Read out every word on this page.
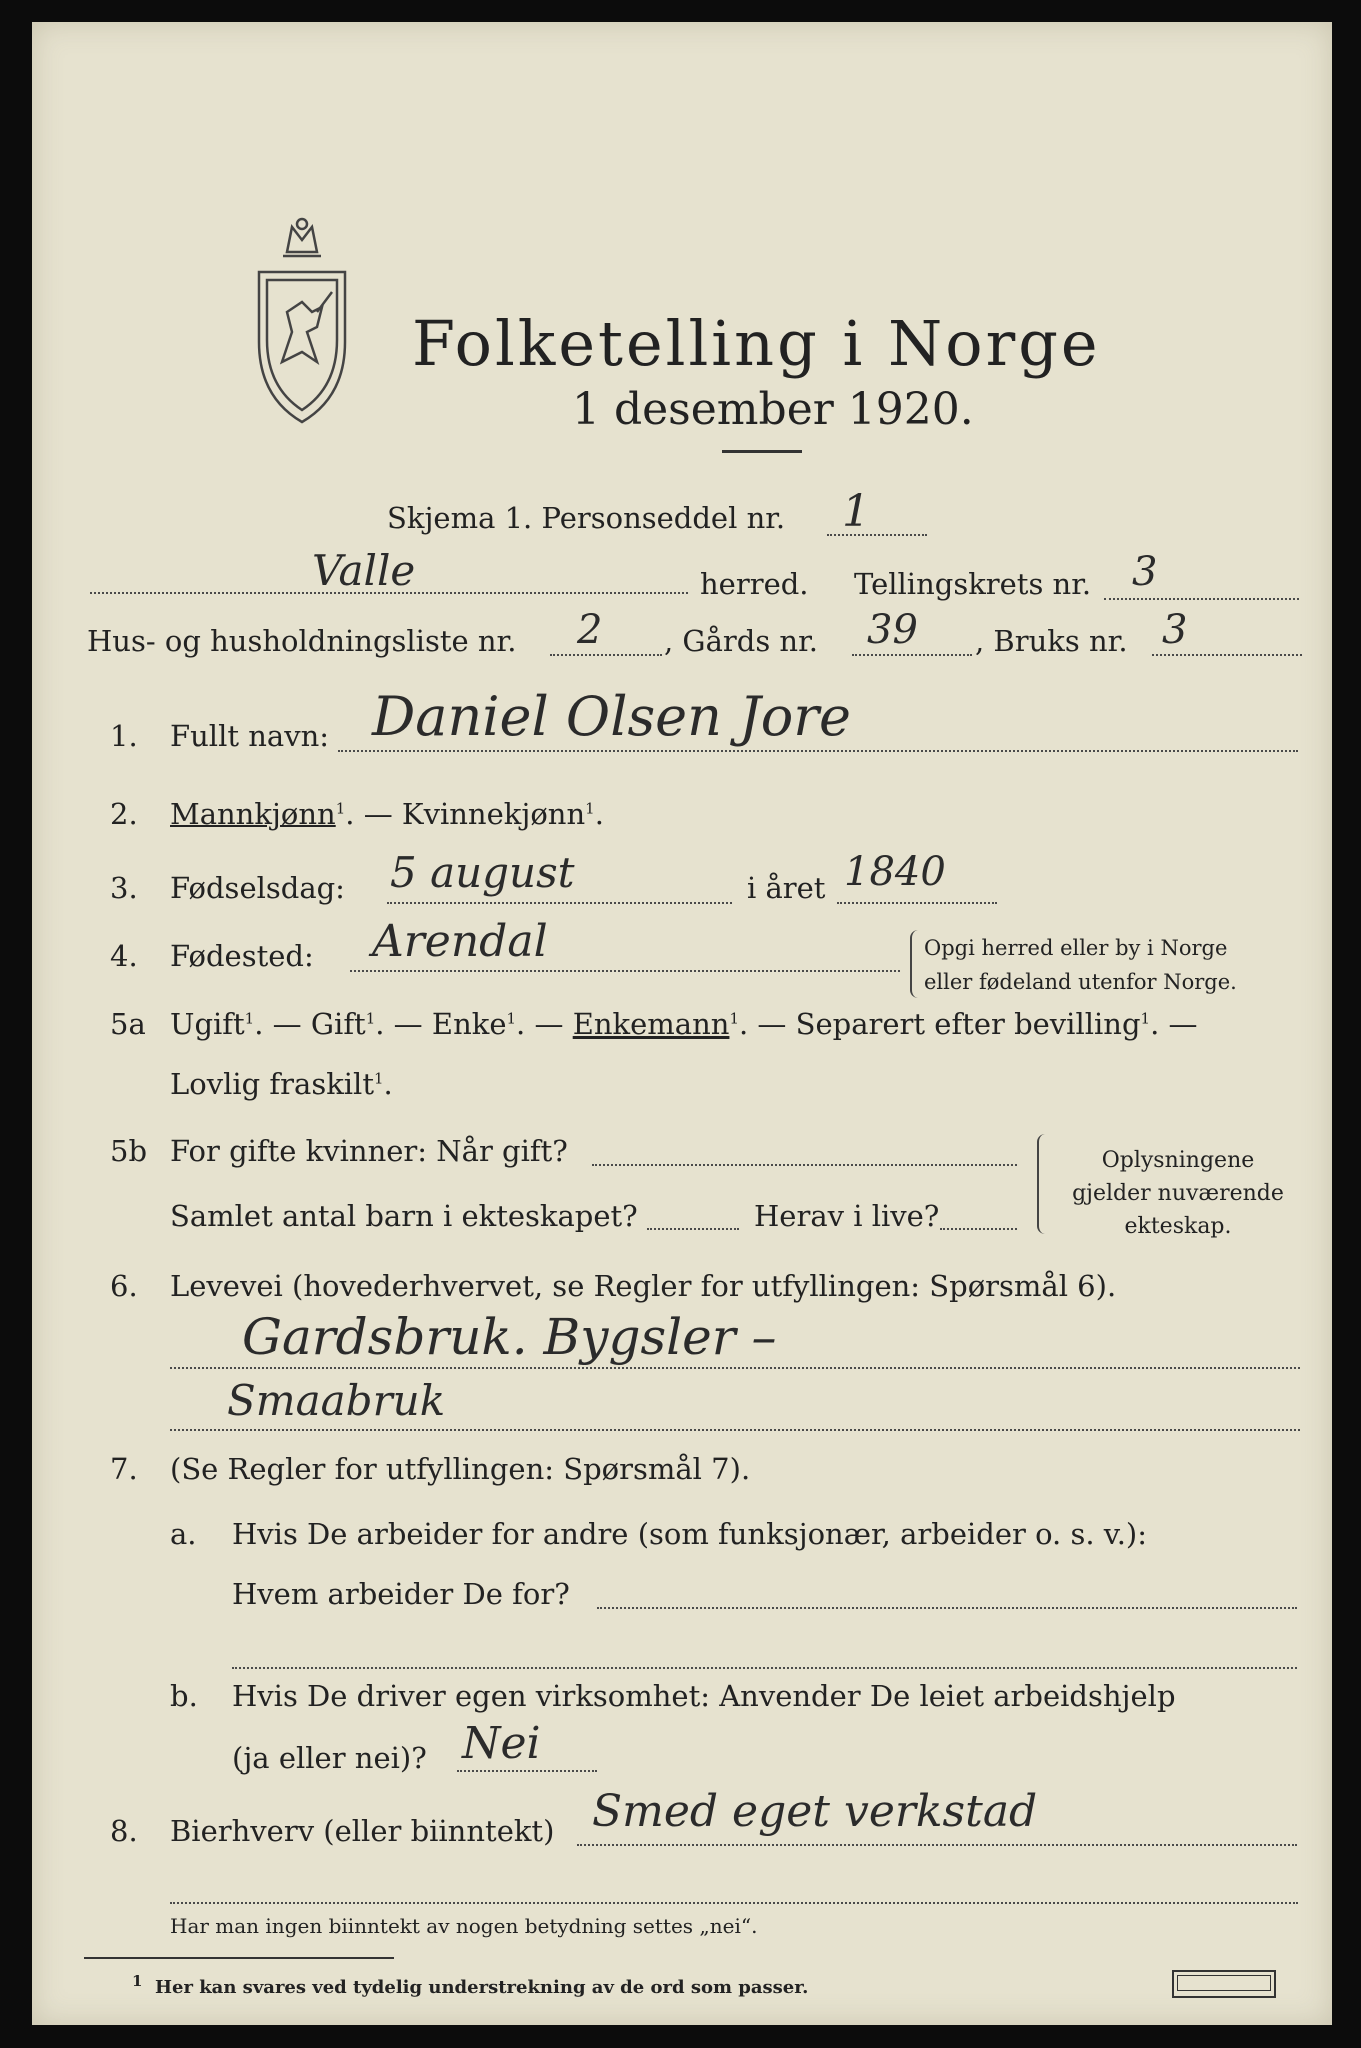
Folketelling i Norge
1 desember 1920.
Skjema 1. Personseddel nr. 1
Valle	herred. Tellingskrets nr. 3
Hus- og husholdningsliste nr. 2 , Gårds nr. 39 , Bruks nr. 3
1. Fullt navn: Daniel Olsen Jore
2. Mannkjønn$^1$. — Kvinnekjønn$^1$.
3. Fødselsdag: 5 august	i året 1840
4. Fødested: Arendal	Opgi herred eller by i Norge
eller fødeland utenfor Norge.
5a Ugift$^1$. — Gift$^1$. — Enke$^1$. — Enkemann$^1$. — Separert efter bevilling$^1$. —
Lovlig fraskilt$^1$.
5b For gifte kvinner: Når gift?
Samlet antal barn i ekteskapet?	Herav i live?
Oplysningene
gjelder nuværende
ekteskap.
6. Levevei (hovederhvervet, se Regler for utfyllingen: Spørsmål 6).
Gardsbruk. Bygsler –
Smaabruk
7. (Se Regler for utfyllingen: Spørsmål 7).
a. Hvis De arbeider for andre (som funksjonær, arbeider o. s. v.):
Hvem arbeider De for?
b. Hvis De driver egen virksomhet: Anvender De leiet arbeidshjelp
(ja eller nei)? Nei
8. Bierhverv (eller biinntekt) Smed eget verkstad
Har man ingen biinntekt av nogen betydning settes „nei“.
$^1$ Her kan svares ved tydelig understrekning av de ord som passer.
